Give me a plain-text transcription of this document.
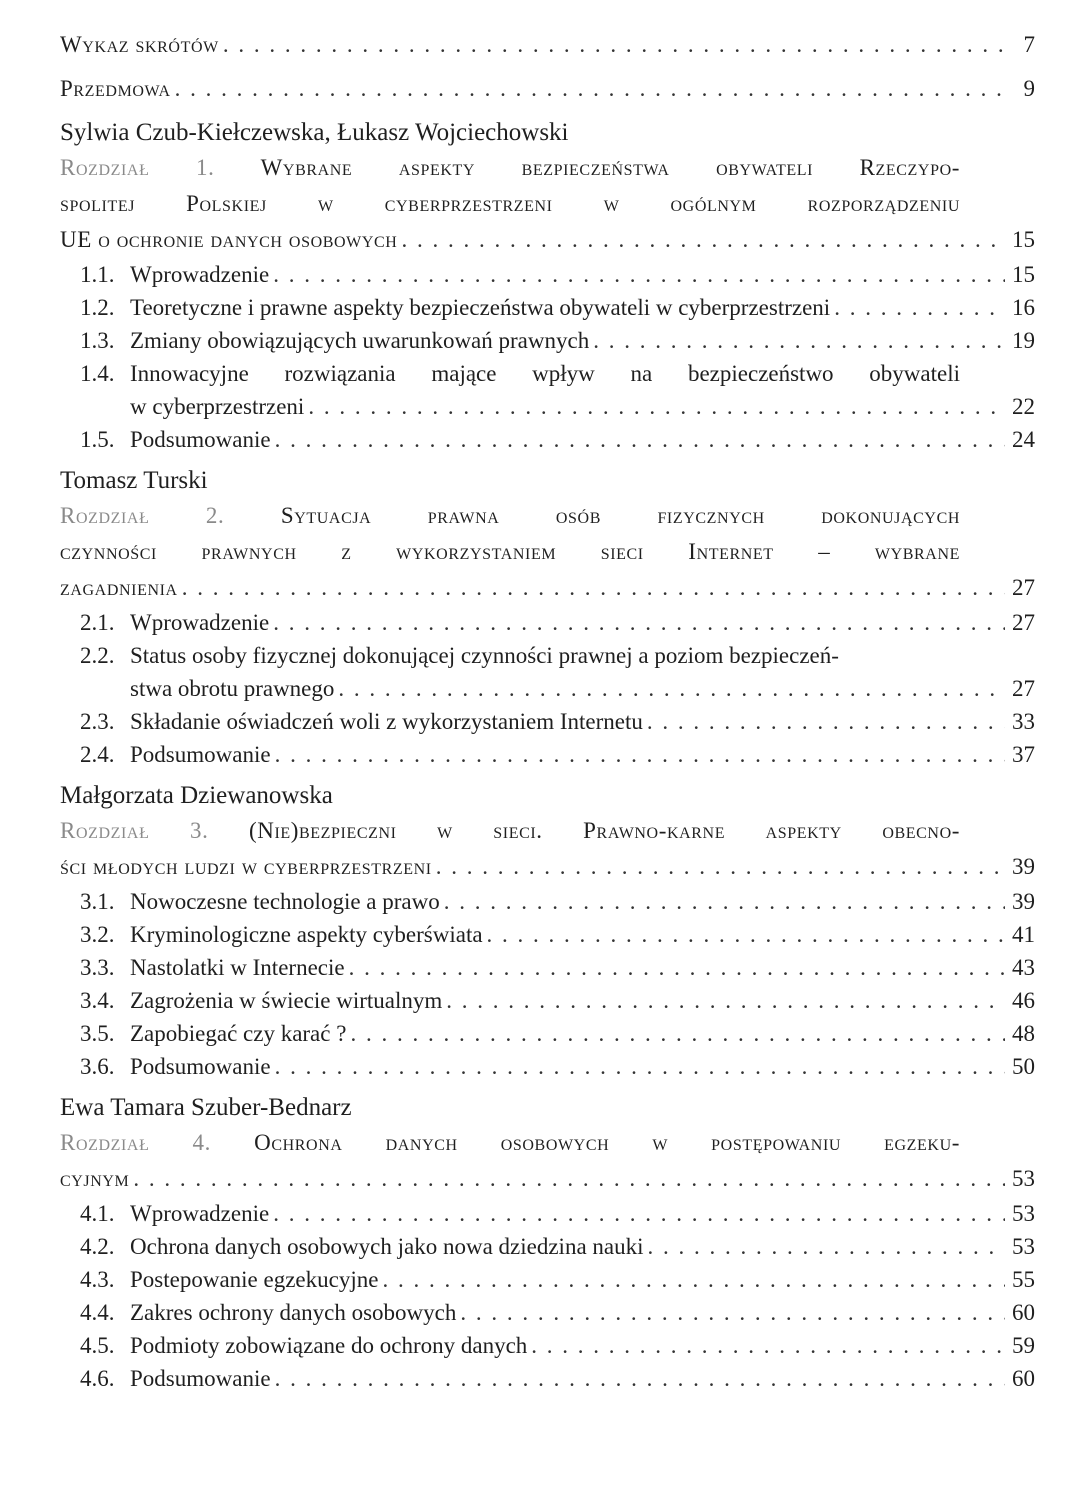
Wykaz skrótów . . .	7
Przedmowa . . .	9
Sylwia Czub-Kiełczewska, Łukasz Wojciechowski
Rozdział 1. Wybrane aspekty bezpieczeństwa obywateli Rzeczypo-
spolitej Polskiej w cyberprzestrzeni w ogólnym rozporządzeniu
UE o ochronie danych osobowych . . .	15
1.1. Wprowadzenie . . .	15
1.2. Teoretyczne i prawne aspekty bezpieczeństwa obywateli w cyberprzestrzeni . . .	16
1.3. Zmiany obowiązujących uwarunkowań prawnych . . .	19
1.4. Innowacyjne rozwiązania mające wpływ na bezpieczeństwo obywateli
w cyberprzestrzeni . . .	22
1.5. Podsumowanie . . .	24
Tomasz Turski
Rozdział 2. Sytuacja prawna osób fizycznych dokonujących
czynności prawnych z wykorzystaniem sieci Internet – wybrane
zagadnienia . . .	27
2.1. Wprowadzenie . . .	27
2.2. Status osoby fizycznej dokonującej czynności prawnej a poziom bezpieczeń-
stwa obrotu prawnego . . .	27
2.3. Składanie oświadczeń woli z wykorzystaniem Internetu . . .	33
2.4. Podsumowanie . . .	37
Małgorzata Dziewanowska
Rozdział 3. (Nie)bezpieczni w sieci. Prawno-karne aspekty obecno-
ści młodych ludzi w cyberprzestrzeni . . .	39
3.1. Nowoczesne technologie a prawo . . .	39
3.2. Kryminologiczne aspekty cyberświata . . .	41
3.3. Nastolatki w Internecie . . .	43
3.4. Zagrożenia w świecie wirtualnym . . .	46
3.5. Zapobiegać czy karać ? . . .	48
3.6. Podsumowanie . . .	50
Ewa Tamara Szuber-Bednarz
Rozdział 4. Ochrona danych osobowych w postępowaniu egzeku-
cyjnym . . .	53
4.1. Wprowadzenie . . .	53
4.2. Ochrona danych osobowych jako nowa dziedzina nauki . . .	53
4.3. Postepowanie egzekucyjne . . .	55
4.4. Zakres ochrony danych osobowych . . .	60
4.5. Podmioty zobowiązane do ochrony danych . . .	59
4.6. Podsumowanie . . .	60
